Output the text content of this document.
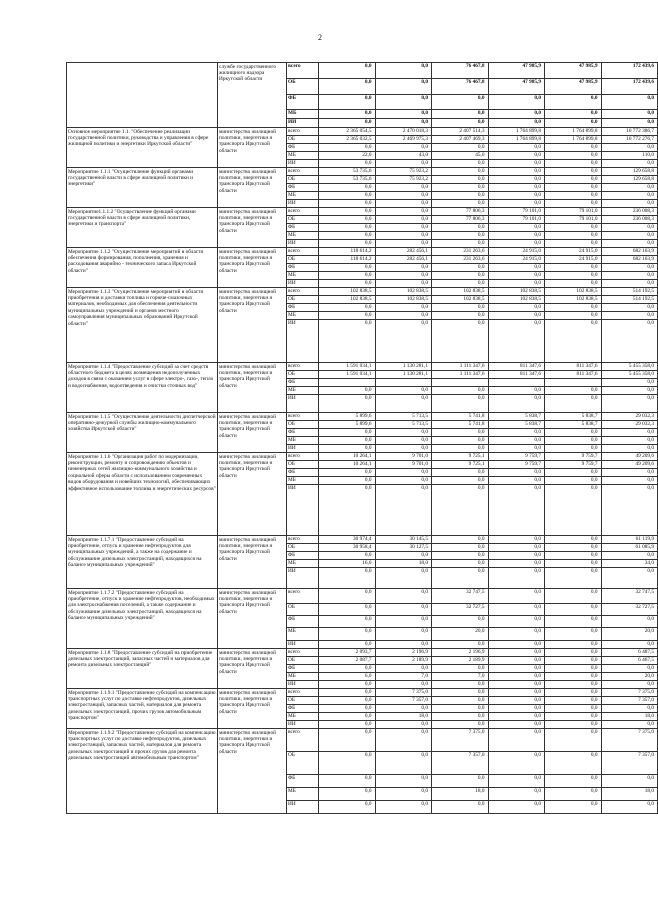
2
	службе государственного жилищного надзора Иркутской области	всего	0,0	0,0	76 467,8	47 985,9	47 985,9	172 439,6
		ОБ	0,0	0,0	76 467,8	47 985,9	47 985,9	172 439,6
		ФБ	0,0	0,0	0,0	0,0	0,0	0,0
		МБ	0,0	0,0	0,0	0,0	0,0	0,0
		ИИ	0,0	0,0	0,0	0,0	0,0	0,0
Основное мероприятие 1.1. "Обеспечение реализации государственной политики, руководства и управления в сфере жилищной политики и энергетики Иркутской области"	министерство жилищной политики, энергетики и транспорта Иркутской области	всего	2 365 054,5	2 470 018,3	2 407 514,3	1 764 899,8	1 764 899,8	10 772 386,7
		ОБ	2 365 032,5	2 469 975,3	2 407 469,3	1 764 899,8	1 764 899,8	10 772 276,7
		ФБ	0,0	0,0	0,0	0,0	0,0	0,0
		МБ	22,0	43,0	45,0	0,0	0,0	110,0
		ИИ	0,0	0,0	0,0	0,0	0,0	0,0
Мероприятие 1.1.1 "Осуществление функций органами государственной власти в сфере жилищной политики и энергетики"	министерство жилищной политики, энергетики и транспорта Иркутской области	всего	53 735,6	75 923,2	0,0	0,0	0,0	129 658,8
		ОБ	53 735,6	75 923,2	0,0	0,0	0,0	129 658,8
		ФБ	0,0	0,0	0,0	0,0	0,0	0,0
		МБ	0,0	0,0	0,0	0,0	0,0	0,0
		ИИ	0,0	0,0	0,0	0,0	0,0	0,0
Мероприятие1.1.1.2 "Осуществление функций органами государственной власти в сфере жилищной политики, энергетики и транспорта"	министерство жилищной политики, энергетики и транспорта Иркутской области	всего	0,0	0,0	77 806,3	79 101,0	79 101,0	236 008,3
		ОБ	0,0	0,0	77 806,3	79 101,0	79 101,0	236 008,3
		ФБ	0,0	0,0	0,0	0,0	0,0	0,0
		МБ	0,0	0,0	0,0	0,0	0,0	0,0
		ИИ	0,0	0,0	0,0	0,0	0,0	0,0
Мероприятие 1.1.2 "Осуществление мероприятий в области обеспечения формирования, пополнения, хранения и расходования аварийно - технического запаса Иркутской области"	министерство жилищной политики, энергетики и транспорта Иркутской области	всего	118 614,2	282 456,1	231 263,6	24 915,0	24 915,0	682 163,9
		ОБ	118 614,2	282 456,1	231 263,6	24 915,0	24 915,0	682 163,9
		ФБ	0,0	0,0	0,0	0,0	0,0	0,0
		МБ	0,0	0,0	0,0	0,0	0,0	0,0
		ИИ	0,0	0,0	0,0	0,0	0,0	0,0
Мероприятие 1.1.3 "Осуществление мероприятий в области приобретения и доставки топлива и горюче-смазочных материалов, необходимых для обеспечения деятельности муниципальных учреждений и органов местного самоуправления муниципальных образований Иркутской области"	министерство жилищной политики, энергетики и транспорта Иркутской области	всего	102 838,5	102 838,5	102 838,5	102 838,5	102 838,5	514 192,5
		ОБ	102 838,5	102 838,5	102 838,5	102 838,5	102 838,5	514 192,5
		ФБ	0,0	0,0	0,0	0,0	0,0	0,0
		МБ	0,0	0,0	0,0	0,0	0,0	0,0
		ИИ	0,0	0,0	0,0	0,0	0,0	0,0
Мероприятие 1.1.4 "Предоставление субсидий за счет средств областного бюджета в целях возмещения недополученных доходов в связи с оказанием услуг в сфере электро-, газо-, тепло и водоснабжения, водоотведения и очистки сточных вод"	министерство жилищной политики, энергетики и транспорта Иркутской области	всего	1 591 034,1	1 130 281,1	1 111 347,6	811 347,6	811 347,6	5 455 358,0
		ОБ	1 591 034,1	1 130 281,1	1 111 347,6	811 347,6	811 347,6	5 455 358,0
		ФБ						0,0
		МБ	0,0	0,0	0,0	0,0	0,0	0,0
		ИИ	0,0	0,0	0,0	0,0	0,0	0,0
Мероприятие 1.1.5 "Осуществление деятельности диспетчерской оперативно-дежурной службы жилищно-коммунального хозяйства Иркутской области"	министерство жилищной политики, энергетики и транспорта Иркутской области	всего	5 899,6	5 713,5	5 741,8	5 838,7	5 838,7	29 032,3
		ОБ	5 899,6	5 713,5	5 741,8	5 838,7	5 838,7	29 032,3
		ФБ	0,0	0,0	0,0	0,0	0,0	0,0
		МБ	0,0	0,0	0,0	0,0	0,0	0,0
		ИИ	0,0	0,0	0,0	0,0	0,0	0,0
Мероприятие 1.1.6 "Организация работ по модернизации, реконструкции, ремонту и сопровождению объектов и инженерных сетей жилищно-коммунального хозяйства и социальной сферы области с использованием современных видов оборудования и новейших технологий, обеспечивающих эффективное использование топлива и энергетических ресурсов"	министерство жилищной политики, энергетики и транспорта Иркутской области	всего	10 264,1	9 701,0	9 725,1	9 759,7	9 759,7	49 209,6
		ОБ	10 264,1	9 701,0	9 725,1	9 759,7	9 759,7	49 209,6
		ФБ	0,0	0,0	0,0	0,0	0,0	0,0
		МБ	0,0	0,0	0,0	0,0	0,0	0,0
		ИИ	0,0	0,0	0,0	0,0	0,0	0,0
Мероприятие 1.1.7.1 "Предоставление субсидий на приобретение, отпуск и хранение нефтепродуктов для муниципальных учреждений, а также на содержание и обслуживание дизельных электростанций, находящихся на балансе муниципальных учреждений"	министерство жилищной политики, энергетики и транспорта Иркутской области	всего	30 974,4	30 145,5	0,0	0,0	0,0	61 119,9
		ОБ	30 958,4	30 127,5	0,0	0,0	0,0	61 085,9
		ФБ	0,0	0,0	0,0	0,0	0,0	0,0
		МБ	16,0	18,0	0,0	0,0	0,0	34,0
		ИИ	0,0	0,0	0,0	0,0	0,0	0,0
Мероприятие 1.1.7.2 "Предоставление субсидий на приобретение, отпуск и хранение нефтепродуктов, необходимых для электроснабжения поселений, а также содержание и обслуживание дизельных электростанций, находящихся на балансе муниципальных учреждений"	министерство жилищной политики, энергетики и транспорта Иркутской области	всего	0,0	0,0	32 747,5	0,0	0,0	32 747,5
		ОБ	0,0	0,0	32 727,5	0,0	0,0	32 727,5
		ФБ	0,0	0,0	0,0	0,0	0,0	0,0
		МБ	0,0	0,0	20,0	0,0	0,0	20,0
		ИИ	0,0	0,0	0,0	0,0	0,0	0,0
Мероприятие 1.1.8 "Предоставление субсидий на приобретение дизельных электростанций, запасных частей и материалов для ремонта дизельных электростанций"	министерство жилищной политики, энергетики и транспорта Иркутской области	всего	2 093,7	2 196,9	2 196,9	0,0	0,0	6 487,5
		ОБ	2 087,7	2 189,9	2 189,9	0,0	0,0	6 467,5
		ФБ	0,0	0,0	0,0	0,0	0,0	0,0
		МБ	6,0	7,0	7,0	0,0	0,0	20,0
		ИИ	0,0	0,0	0,0	0,0	0,0	0,0
Мероприятие 1.1.9.1 "Предоставление субсидий на компенсацию транспортных услуг по доставке нефтепродуктов, дизельных электростанций, запасных частей, материалов для ремонта дизельных электростанций, прочих грузов автомобильным транспортом"	министерство жилищной политики, энергетики и транспорта Иркутской области	всего	0,0	7 375,0	0,0	0,0	0,0	7 375,0
		ОБ	0,0	7 357,0	0,0	0,0	0,0	7 357,0
		ФБ	0,0	0,0	0,0	0,0	0,0	0,0
		МБ	0,0	18,0	0,0	0,0	0,0	18,0
		ИИ	0,0	0,0	0,0	0,0	0,0	0,0
Мероприятие 1.1.9.2 "Предоставление субсидий на компенсацию транспортных услуг по доставке нефтепродуктов, дизельных электростанций, запасных частей, материалов для ремонта дизельных электростанций и прочих грузов для ремонта дизельных электростанций автомобильным транспортом"	министерство жилищной политики, энергетики и транспорта Иркутской области	всего	0,0	0,0	7 375,0	0,0	0,0	7 375,0
		ОБ	0,0	0,0	7 357,0	0,0	0,0	7 357,0
		ФБ	0,0	0,0	0,0	0,0	0,0	0,0
		МБ	0,0	0,0	18,0	0,0	0,0	18,0
		ИИ	0,0	0,0	0,0	0,0	0,0	0,0
